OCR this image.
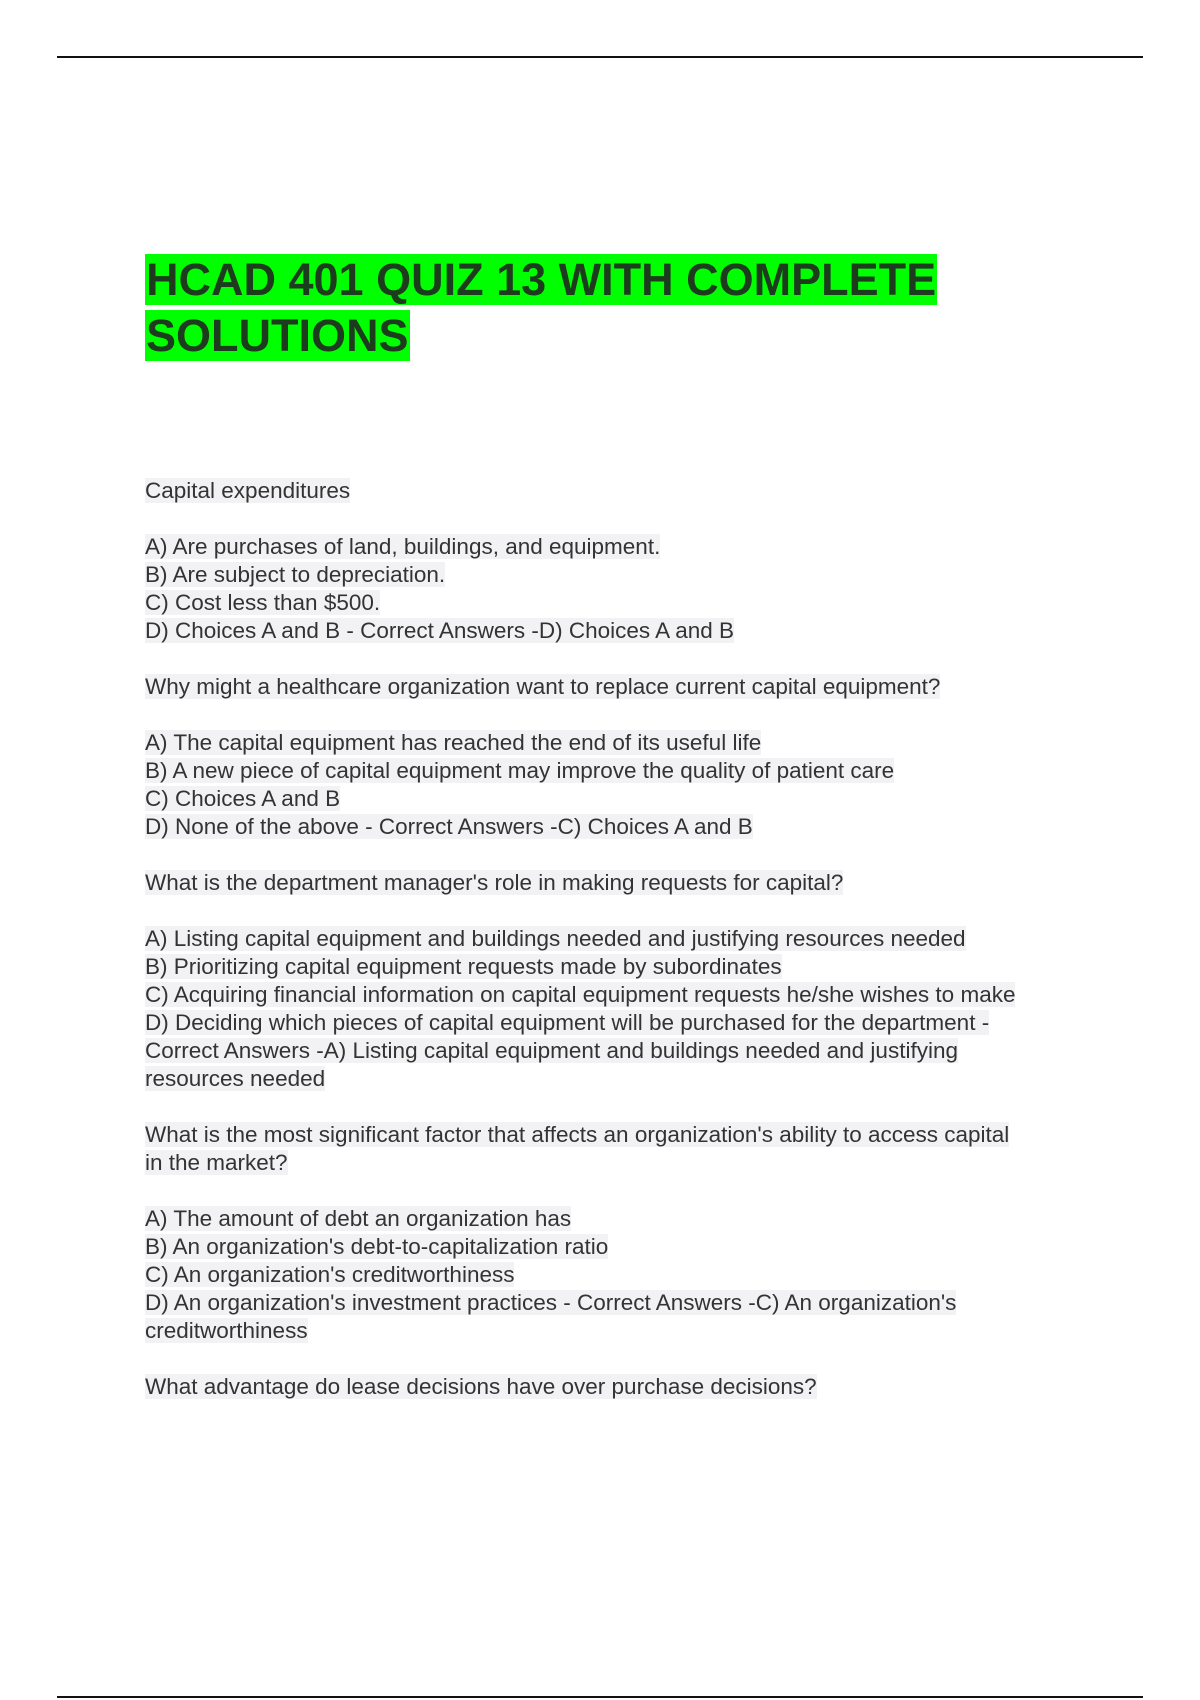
HCAD 401 QUIZ 13 WITH COMPLETE
SOLUTIONS
Capital expenditures
A) Are purchases of land, buildings, and equipment.
B) Are subject to depreciation.
C) Cost less than $500.
D) Choices A and B - Correct Answers -D) Choices A and B
Why might a healthcare organization want to replace current capital equipment?
A) The capital equipment has reached the end of its useful life
B) A new piece of capital equipment may improve the quality of patient care
C) Choices A and B
D) None of the above - Correct Answers -C) Choices A and B
What is the department manager's role in making requests for capital?
A) Listing capital equipment and buildings needed and justifying resources needed
B) Prioritizing capital equipment requests made by subordinates
C) Acquiring financial information on capital equipment requests he/she wishes to make
D) Deciding which pieces of capital equipment will be purchased for the department -
Correct Answers -A) Listing capital equipment and buildings needed and justifying
resources needed
What is the most significant factor that affects an organization's ability to access capital
in the market?
A) The amount of debt an organization has
B) An organization's debt-to-capitalization ratio
C) An organization's creditworthiness
D) An organization's investment practices - Correct Answers -C) An organization's
creditworthiness
What advantage do lease decisions have over purchase decisions?
